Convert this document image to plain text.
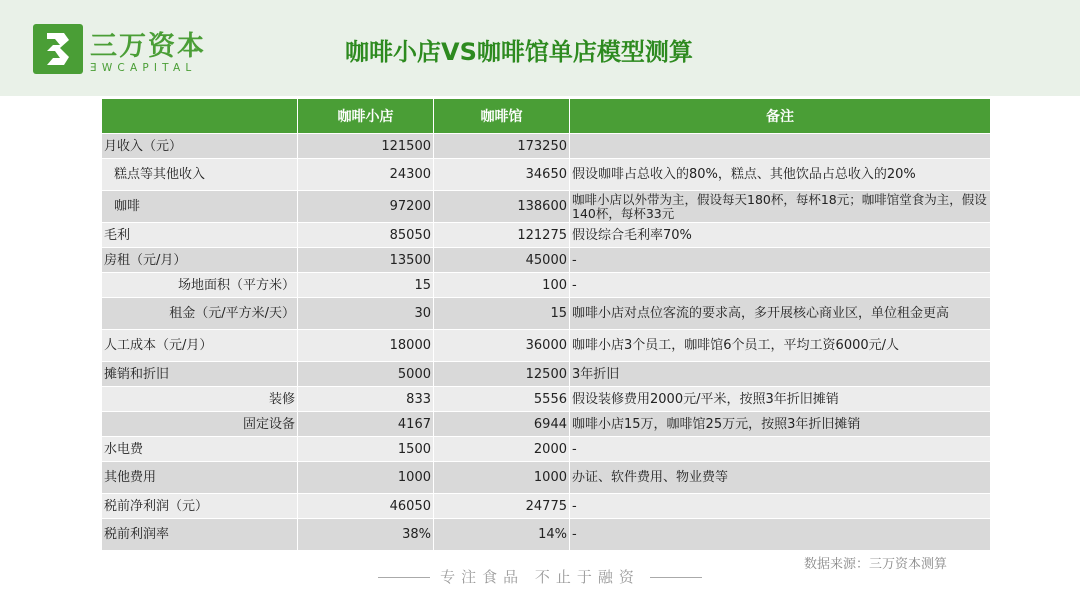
三万资本
ƎWCAPITAL
咖啡小店VS咖啡馆单店模型测算
	咖啡小店	咖啡馆	备注
月收入（元）	121500	173250	
糕点等其他收入	24300	34650	假设咖啡占总收入的80%，糕点、其他饮品占总收入的20%
咖啡	97200	138600	咖啡小店以外带为主，假设每天180杯，每杯18元；咖啡馆堂食为主，假设140杯，每杯33元
毛利	85050	121275	假设综合毛利率70%
房租（元/月）	13500	45000	-
场地面积（平方米）	15	100	-
租金（元/平方米/天）	30	15	咖啡小店对点位客流的要求高，多开展核心商业区，单位租金更高
人工成本（元/月）	18000	36000	咖啡小店3个员工，咖啡馆6个员工，平均工资6000元/人
摊销和折旧	5000	12500	3年折旧
装修	833	5556	假设装修费用2000元/平米，按照3年折旧摊销
固定设备	4167	6944	咖啡小店15万，咖啡馆25万元，按照3年折旧摊销
水电费	1500	2000	-
其他费用	1000	1000	办证、软件费用、物业费等
税前净利润（元）	46050	24775	-
税前利润率	38%	14%	-
数据来源：三万资本测算
专注食品 不止于融资
